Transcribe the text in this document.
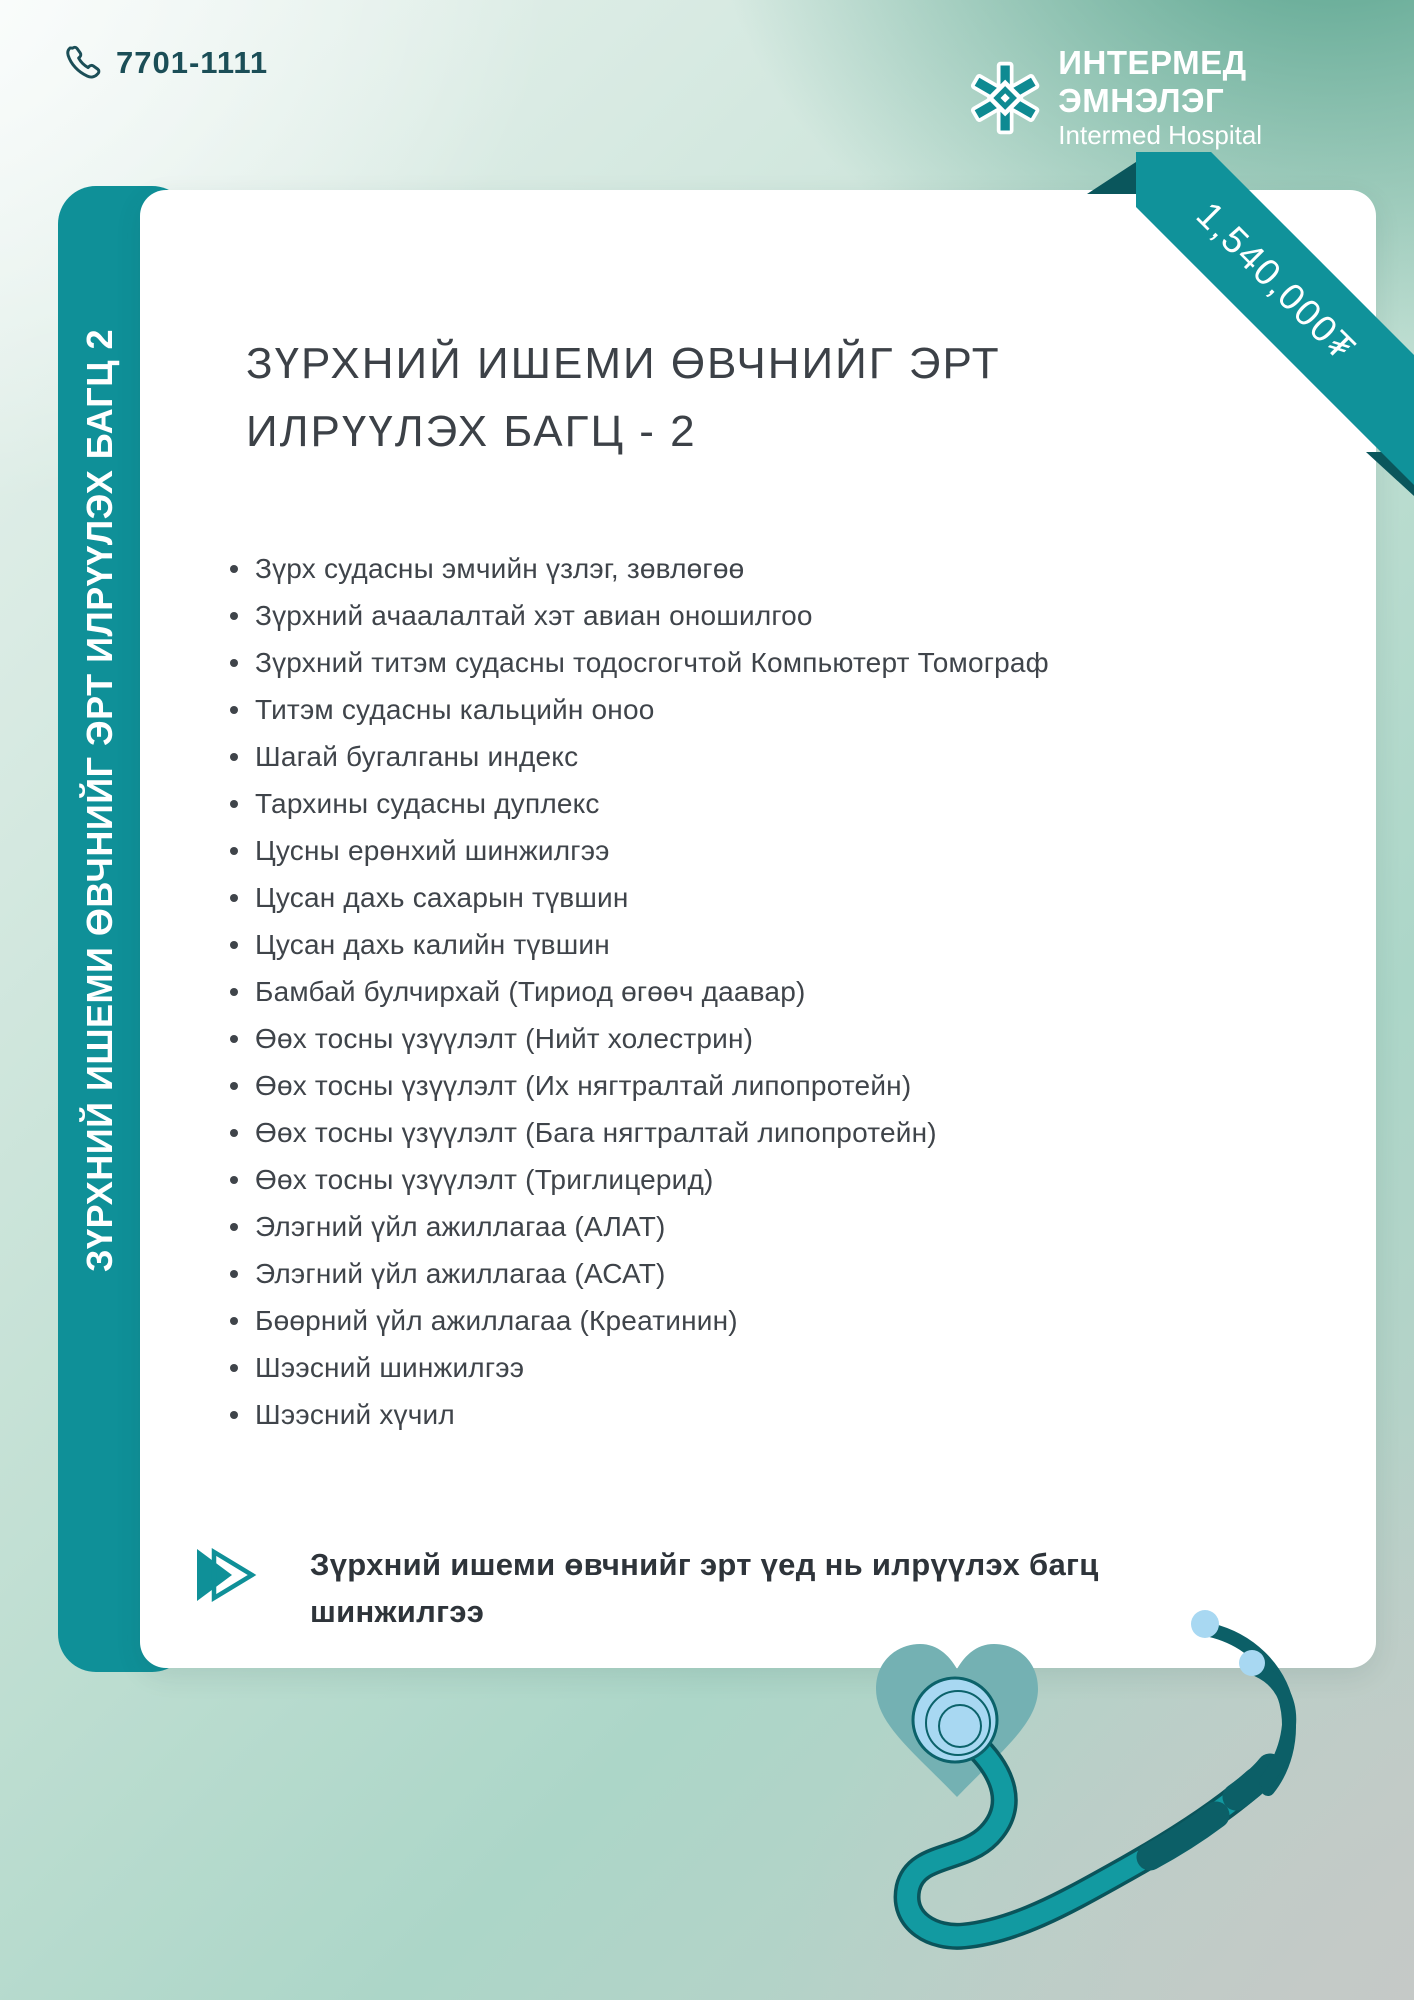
7701-1111	ИНТЕРМЕД ЭМНЭЛЭГ
Intermed Hospital
ЗҮРХНИЙ ИШЕМИ ӨВЧНИЙГ ЭРТ ИЛРҮҮЛЭХ БАГЦ 2	ЗҮРХНИЙ ИШЕМИ ӨВЧНИЙГ ЭРТ ИЛРҮҮЛЭХ БАГЦ - 2
Зүрх судасны эмчийн үзлэг, зөвлөгөө
Зүрхний ачаалалтай хэт авиан оношилгоо
Зүрхний титэм судасны тодосгогчтой Компьютерт Томограф
Титэм судасны кальцийн оноо
Шагай бугалганы индекс
Тархины судасны дуплекс
Цусны ерөнхий шинжилгээ
Цусан дахь сахарын түвшин
Цусан дахь калийн түвшин
Бамбай булчирхай (Тириод өгөөч даавар)
Өөх тосны үзүүлэлт (Нийт холестрин)
Өөх тосны үзүүлэлт (Их нягтралтай липопротейн)
Өөх тосны үзүүлэлт (Бага нягтралтай липопротейн)
Өөх тосны үзүүлэлт (Триглицерид)
Элэгний үйл ажиллагаа (АЛАТ)
Элэгний үйл ажиллагаа (АСАТ)
Бөөрний үйл ажиллагаа (Креатинин)
Шээсний шинжилгээ
Шээсний хүчил

Зүрхний ишеми өвчнийг эрт үед нь илрүүлэх багц шинжилгээ

1,540,000₮
